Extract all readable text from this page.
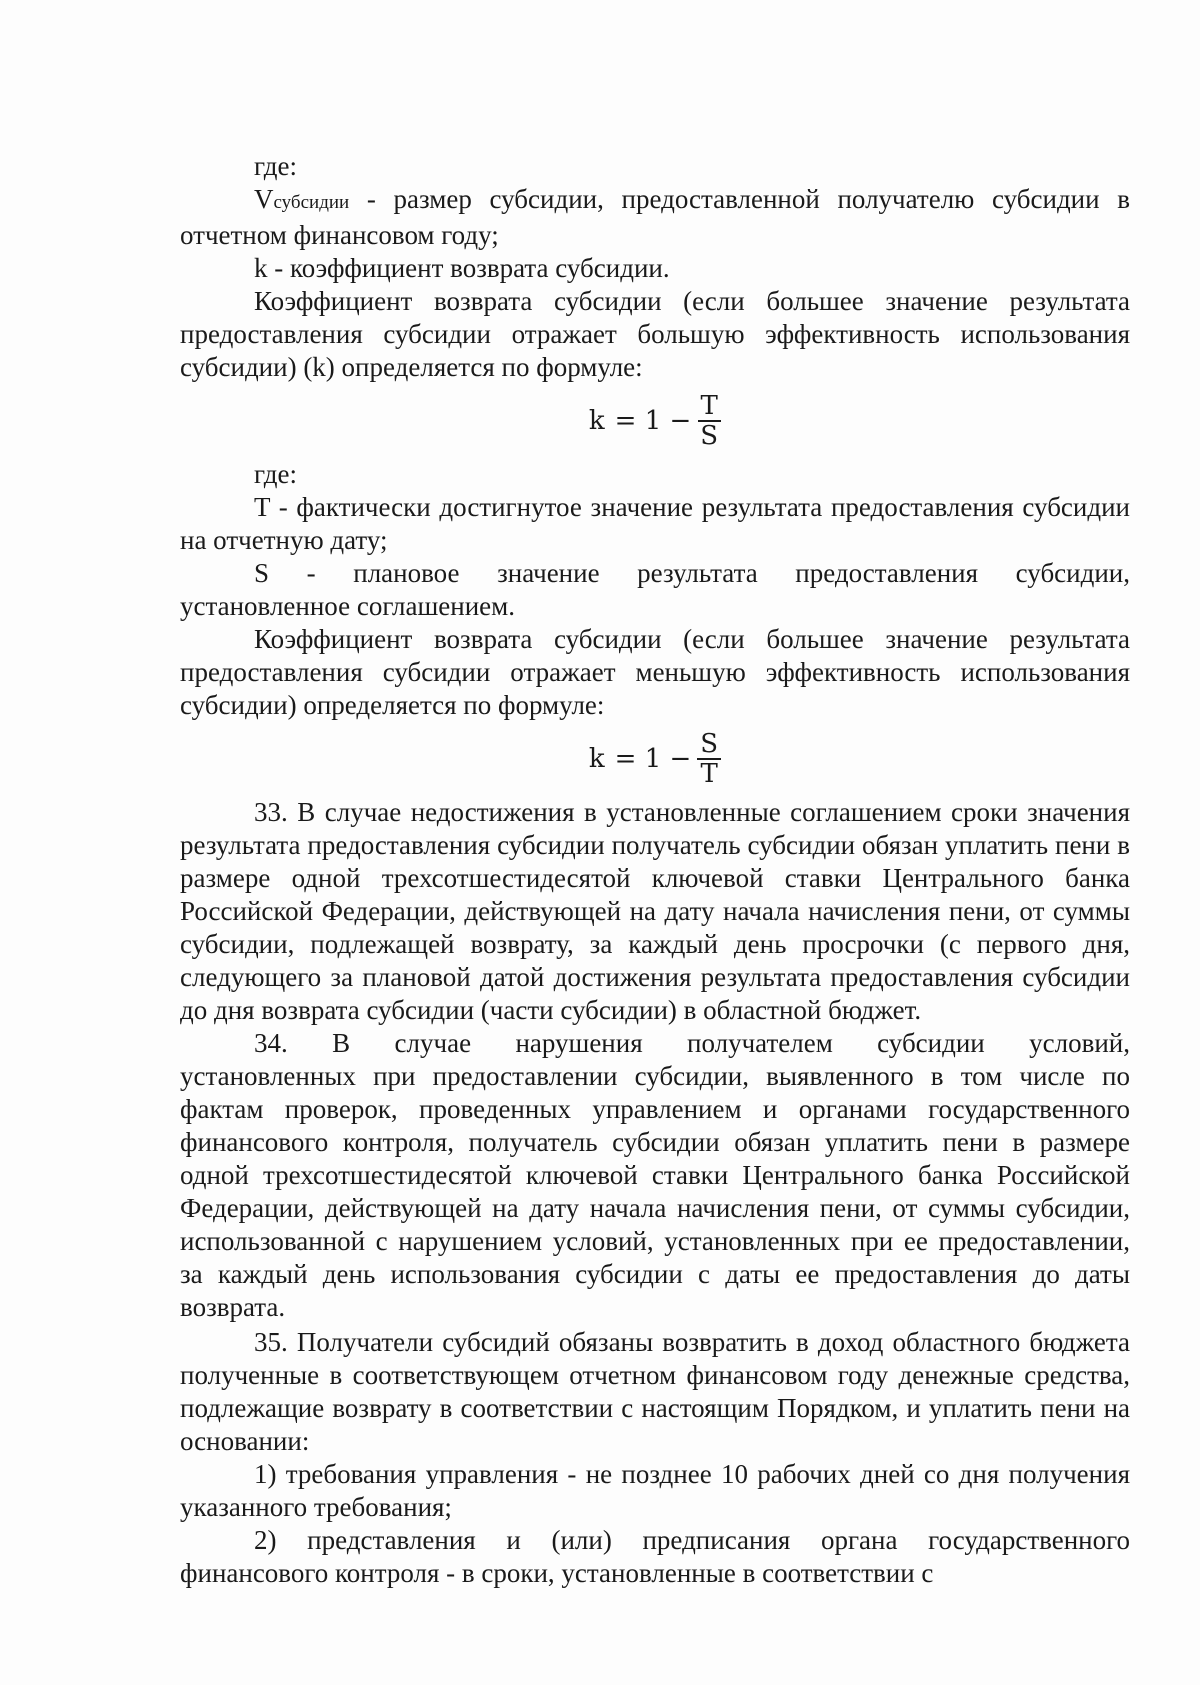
где:

Vсубсидии - размер субсидии, предоставленной получателю субсидии в отчетном финансовом году;

k - коэффициент возврата субсидии.

Коэффициент возврата субсидии (если большее значение результата предоставления субсидии отражает большую эффективность использования субсидии) (k) определяется по формуле:

$k = 1 - \frac{T}{S}$

где:

T - фактически достигнутое значение результата предоставления субсидии на отчетную дату;

S - плановое значение результата предоставления субсидии,

установленное соглашением.

Коэффициент возврата субсидии (если большее значение результата предоставления субсидии отражает меньшую эффективность использования субсидии) определяется по формуле:

$k = 1 - \frac{S}{T}$

33. В случае недостижения в установленные соглашением сроки значения результата предоставления субсидии получатель субсидии обязан уплатить пени в размере одной трехсотшестидесятой ключевой ставки Центрального банка Российской Федерации, действующей на дату начала начисления пени, от суммы субсидии, подлежащей возврату, за каждый день просрочки (с первого дня, следующего за плановой датой достижения результата предоставления субсидии до дня возврата субсидии (части субсидии) в областной бюджет.

34. В случае нарушения получателем субсидии условий,

установленных при предоставлении субсидии, выявленного в том числе по фактам проверок, проведенных управлением и органами государственного финансового контроля, получатель субсидии обязан уплатить пени в размере одной трехсотшестидесятой ключевой ставки Центрального банка Российской Федерации, действующей на дату начала начисления пени, от суммы субсидии, использованной с нарушением условий, установленных при ее предоставлении, за каждый день использования субсидии с даты ее предоставления до даты возврата.

35. Получатели субсидий обязаны возвратить в доход областного бюджета полученные в соответствующем отчетном финансовом году денежные средства, подлежащие возврату в соответствии с настоящим Порядком, и уплатить пени на основании:

1) требования управления - не позднее 10 рабочих дней со дня получения указанного требования;

2) представления и (или) предписания органа государственного финансового контроля - в сроки, установленные в соответствии с
